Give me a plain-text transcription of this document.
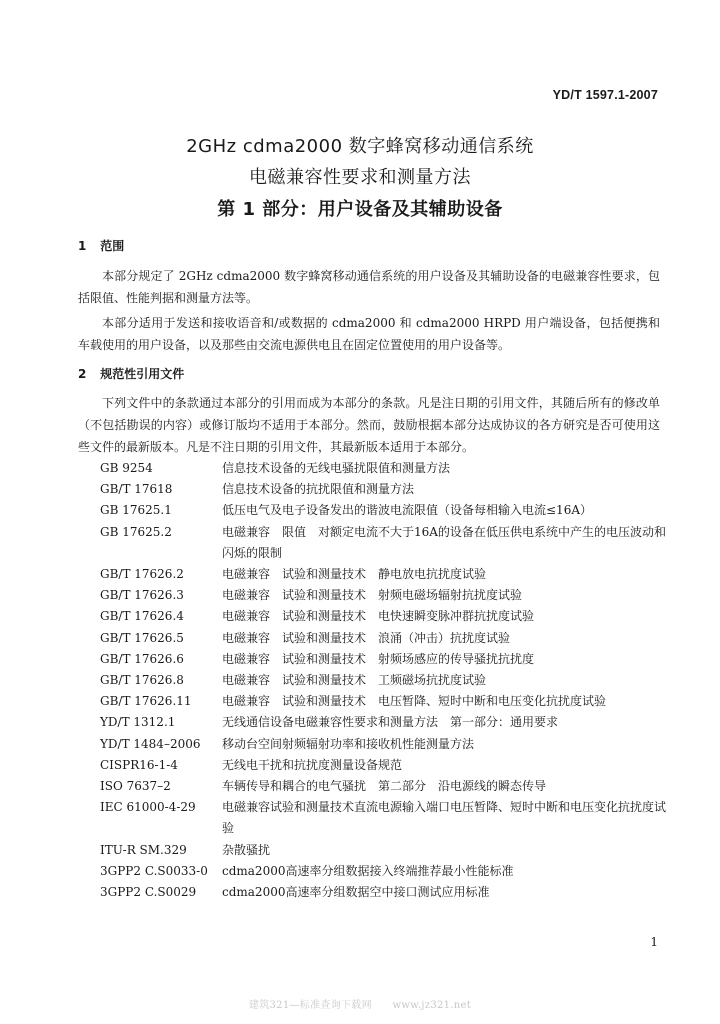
YD/T 1597.1-2007
2GHz cdma2000 数字蜂窝移动通信系统
电磁兼容性要求和测量方法
第 1 部分：用户设备及其辅助设备
1 范围

本部分规定了 2GHz cdma2000 数字蜂窝移动通信系统的用户设备及其辅助设备的电磁兼容性要求，包括限值、性能判据和测量方法等。

本部分适用于发送和接收语音和/或数据的 cdma2000 和 cdma2000 HRPD 用户端设备，包括便携和车载使用的用户设备，以及那些由交流电源供电且在固定位置使用的用户设备等。

2 规范性引用文件

下列文件中的条款通过本部分的引用而成为本部分的条款。凡是注日期的引用文件，其随后所有的修改单（不包括勘误的内容）或修订版均不适用于本部分。然而，鼓励根据本部分达成协议的各方研究是否可使用这些文件的最新版本。凡是不注日期的引用文件，其最新版本适用于本部分。

GB 9254	信息技术设备的无线电骚扰限值和测量方法
GB/T 17618	信息技术设备的抗扰限值和测量方法
GB 17625.1	低压电气及电子设备发出的谐波电流限值（设备每相输入电流≤16A）
GB 17625.2	电磁兼容　限值　对额定电流不大于16A的设备在低压供电系统中产生的电压波动和闪烁的限制
GB/T 17626.2	电磁兼容　试验和测量技术　静电放电抗扰度试验
GB/T 17626.3	电磁兼容　试验和测量技术　射频电磁场辐射抗扰度试验
GB/T 17626.4	电磁兼容　试验和测量技术　电快速瞬变脉冲群抗扰度试验
GB/T 17626.5	电磁兼容　试验和测量技术　浪涌（冲击）抗扰度试验
GB/T 17626.6	电磁兼容　试验和测量技术　射频场感应的传导骚扰抗扰度
GB/T 17626.8	电磁兼容　试验和测量技术　工频磁场抗扰度试验
GB/T 17626.11	电磁兼容　试验和测量技术　电压暂降、短时中断和电压变化抗扰度试验
YD/T 1312.1	无线通信设备电磁兼容性要求和测量方法　第一部分：通用要求
YD/T 1484–2006	移动台空间射频辐射功率和接收机性能测量方法
CISPR16-1-4	无线电干扰和抗扰度测量设备规范
ISO 7637–2	车辆传导和耦合的电气骚扰　第二部分　沿电源线的瞬态传导
IEC 61000-4-29	电磁兼容试验和测量技术直流电源输入端口电压暂降、短时中断和电压变化抗扰度试验
ITU-R SM.329	杂散骚扰
3GPP2 C.S0033-0	cdma2000高速率分组数据接入终端推荐最小性能标准
3GPP2 C.S0029	cdma2000高速率分组数据空中接口测试应用标准
1
建筑321—标准查询下载网　　www.jz321.net
